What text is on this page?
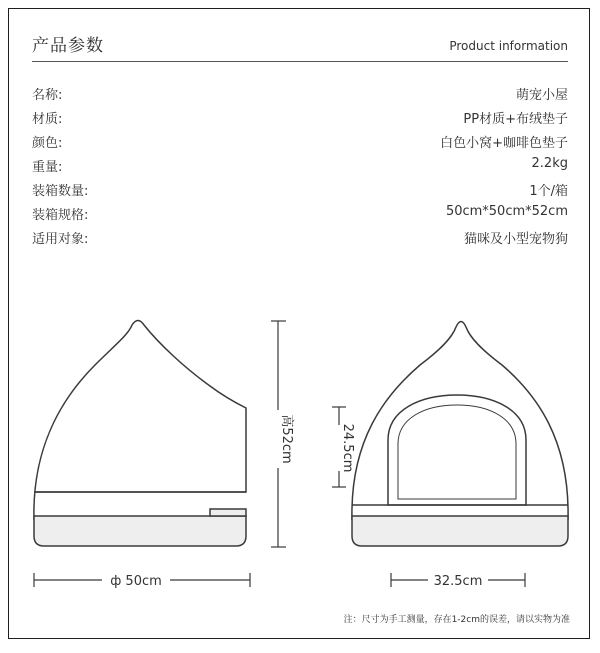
产品参数	Product information
名称:	萌宠小屋
材质:	PP材质+布绒垫子
颜色:	白色小窝+咖啡色垫子
重量:	2.2kg
装箱数量:	1个/箱
装箱规格:	50cm*50cm*52cm
适用对象:	猫咪及小型宠物狗
高52cm
ф 50cm
24.5cm
32.5cm
注：尺寸为手工测量，存在1-2cm的误差，请以实物为准
